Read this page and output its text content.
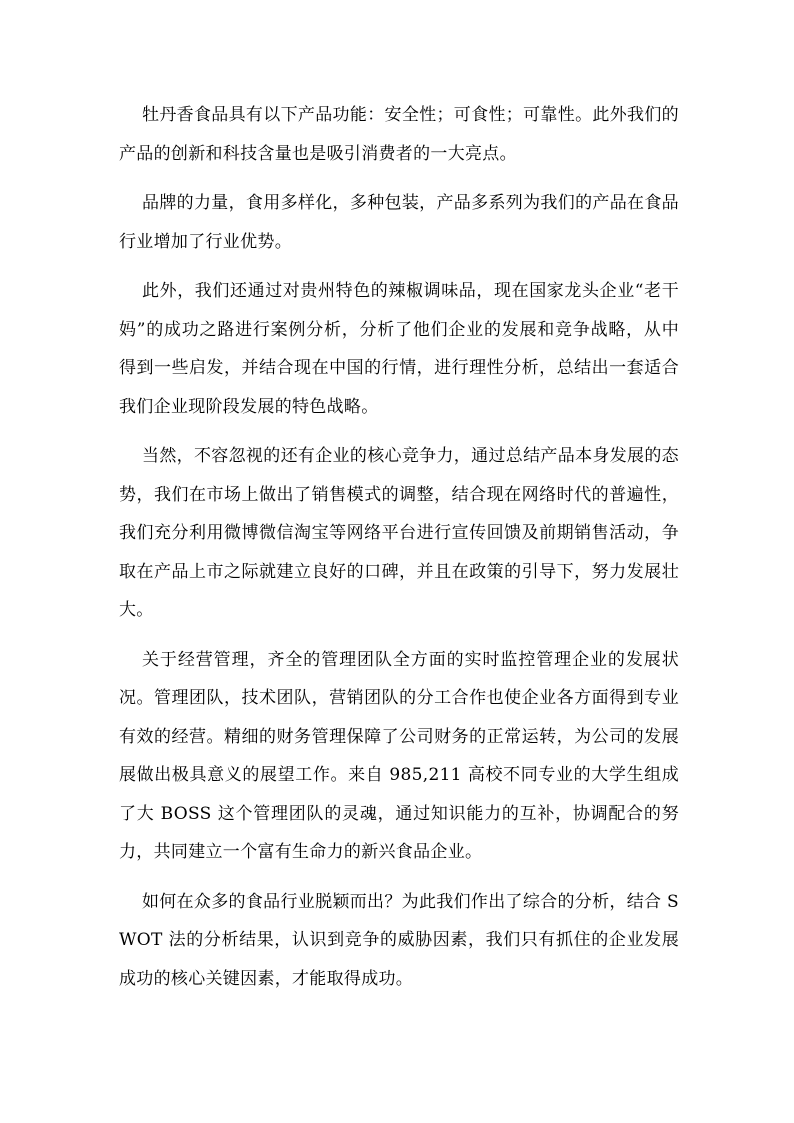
牡丹香食品具有以下产品功能：安全性；可食性；可靠性。此外我们的产品的创新和科技含量也是吸引消费者的一大亮点。

品牌的力量，食用多样化，多种包装，产品多系列为我们的产品在食品行业增加了行业优势。

此外，我们还通过对贵州特色的辣椒调味品，现在国家龙头企业“老干妈”的成功之路进行案例分析，分析了他们企业的发展和竞争战略，从中得到一些启发，并结合现在中国的行情，进行理性分析，总结出一套适合我们企业现阶段发展的特色战略。

当然，不容忽视的还有企业的核心竞争力，通过总结产品本身发展的态势，我们在市场上做出了销售模式的调整，结合现在网络时代的普遍性，我们充分利用微博微信淘宝等网络平台进行宣传回馈及前期销售活动，争取在产品上市之际就建立良好的口碑，并且在政策的引导下，努力发展壮大。

关于经营管理，齐全的管理团队全方面的实时监控管理企业的发展状况。管理团队，技术团队，营销团队的分工合作也使企业各方面得到专业有效的经营。精细的财务管理保障了公司财务的正常运转，为公司的发展展做出极具意义的展望工作。来自 985,211 高校不同专业的大学生组成了大 BOSS 这个管理团队的灵魂，通过知识能力的互补，协调配合的努力，共同建立一个富有生命力的新兴食品企业。

如何在众多的食品行业脱颖而出？为此我们作出了综合的分析，结合 SWOT 法的分析结果，认识到竞争的威胁因素，我们只有抓住的企业发展成功的核心关键因素，才能取得成功。
